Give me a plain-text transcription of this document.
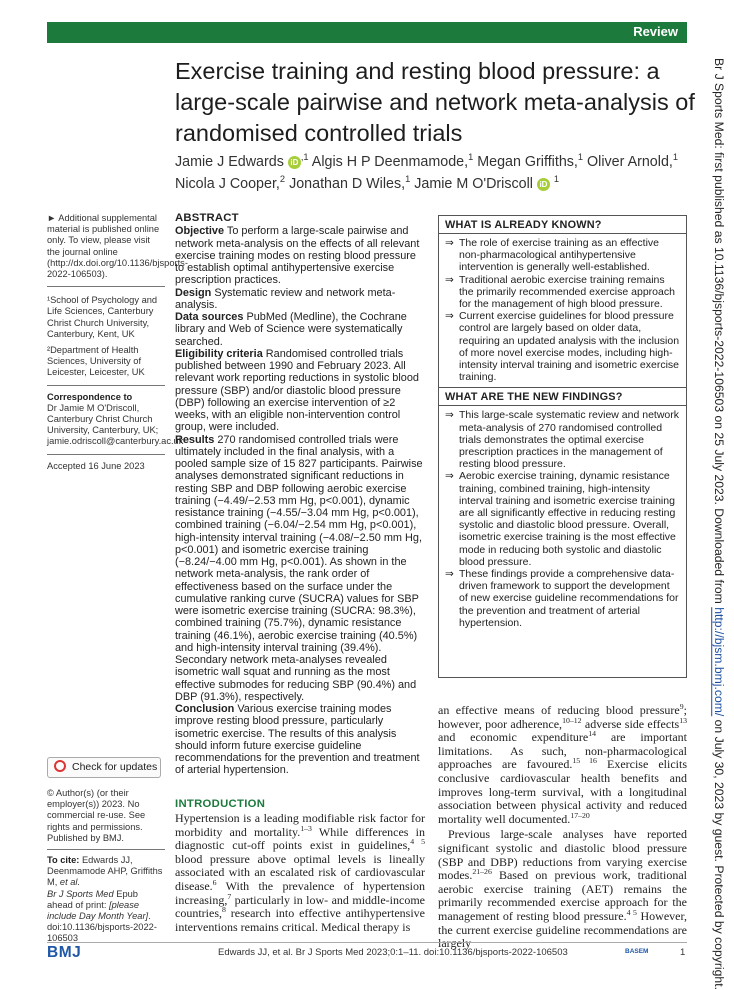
Review
Br J Sports Med: first published as 10.1136/bjsports-2022-106503 on 25 July 2023. Downloaded from http://bjsm.bmj.com/ on July 30, 2023 by guest. Protected by copyright.
Exercise training and resting blood pressure: a large-scale pairwise and network meta-analysis of randomised controlled trials
Jamie J Edwards $iD^{,1}$ Algis H P Deenmamode,$^1$ Megan Griffiths,$^1$ Oliver Arnold,$^1$
Nicola J Cooper,$^2$ Jonathan D Wiles,$^1$ Jamie M O'Driscoll iD $^1$

► Additional supplemental material is published online only. To view, please visit the journal online (http://dx.doi.org/10.1136/bjsports-2022-106503).

¹School of Psychology and Life Sciences, Canterbury Christ Church University, Canterbury, Kent, UK

²Department of Health Sciences, University of Leicester, Leicester, UK

Correspondence to

Dr Jamie M O'Driscoll, Canterbury Christ Church University, Canterbury, UK; jamie.odriscoll@canterbury.ac.uk

Accepted 16 June 2023

Check for updates

© Author(s) (or their employer(s)) 2023. No commercial re-use. See rights and permissions. Published by BMJ.

To cite: Edwards JJ, Deenmamode AHP, Griffiths M, et al.
Br J Sports Med Epub ahead of print: [please include Day Month Year]. doi:10.1136/bjsports-2022-106503

ABSTRACT

Objective To perform a large-scale pairwise and network meta-analysis on the effects of all relevant exercise training modes on resting blood pressure to establish optimal antihypertensive exercise prescription practices.

Design Systematic review and network meta-analysis.

Data sources PubMed (Medline), the Cochrane library and Web of Science were systematically searched.

Eligibility criteria Randomised controlled trials published between 1990 and February 2023. All relevant work reporting reductions in systolic blood pressure (SBP) and/or diastolic blood pressure (DBP) following an exercise intervention of ≥2 weeks, with an eligible non-intervention control group, were included.

Results 270 randomised controlled trials were ultimately included in the final analysis, with a pooled sample size of 15 827 participants. Pairwise analyses demonstrated significant reductions in resting SBP and DBP following aerobic exercise training (−4.49/−2.53 mm Hg, p<0.001), dynamic resistance training (−4.55/−3.04 mm Hg, p<0.001), combined training (−6.04/−2.54 mm Hg, p<0.001), high-intensity interval training (−4.08/−2.50 mm Hg, p<0.001) and isometric exercise training (−8.24/−4.00 mm Hg, p<0.001). As shown in the network meta-analysis, the rank order of effectiveness based on the surface under the cumulative ranking curve (SUCRA) values for SBP were isometric exercise training (SUCRA: 98.3%), combined training (75.7%), dynamic resistance training (46.1%), aerobic exercise training (40.5%) and high-intensity interval training (39.4%). Secondary network meta-analyses revealed isometric wall squat and running as the most effective submodes for reducing SBP (90.4%) and DBP (91.3%), respectively.

Conclusion Various exercise training modes improve resting blood pressure, particularly isometric exercise. The results of this analysis should inform future exercise guideline recommendations for the prevention and treatment of arterial hypertension.

WHAT IS ALREADY KNOWN?
⇒ The role of exercise training as an effective non-pharmacological antihypertensive intervention is generally well-established.
⇒ Traditional aerobic exercise training remains the primarily recommended exercise approach for the management of high blood pressure.
⇒ Current exercise guidelines for blood pressure control are largely based on older data, requiring an updated analysis with the inclusion of more novel exercise modes, including high-intensity interval training and isometric exercise training.
WHAT ARE THE NEW FINDINGS?
⇒ This large-scale systematic review and network meta-analysis of 270 randomised controlled trials demonstrates the optimal exercise prescription practices in the management of resting blood pressure.
⇒ Aerobic exercise training, dynamic resistance training, combined training, high-intensity interval training and isometric exercise training are all significantly effective in reducing resting systolic and diastolic blood pressure. Overall, isometric exercise training is the most effective mode in reducing both systolic and diastolic blood pressure.
⇒ These findings provide a comprehensive data-driven framework to support the development of new exercise guideline recommendations for the prevention and treatment of arterial hypertension.
INTRODUCTION
Hypertension is a leading modifiable risk factor for morbidity and mortality.$^{1-3}$ While differences in diagnostic cut-off points exist in guidelines,$^{4 5}$ blood pressure above optimal levels is lineally associated with an escalated risk of cardiovascular disease.$^6$ With the prevalence of hypertension increasing,$^7$ particularly in low- and middle-income countries,$^8$ research into effective antihypertensive interventions remains critical. Medical therapy is

an effective means of reducing blood pressure$^9$; however, poor adherence,$^{10-12}$ adverse side effects$^{13}$ and economic expenditure$^{14}$ are important limitations. As such, non-pharmacological approaches are favoured.$^{15 16}$ Exercise elicits conclusive cardiovascular health benefits and improves long-term survival, with a longitudinal association between physical activity and reduced mortality well documented.$^{17-20}$

Previous large-scale analyses have reported significant systolic and diastolic blood pressure (SBP and DBP) reductions from varying exercise modes.$^{21-26}$ Based on previous work, traditional aerobic exercise training (AET) remains the primarily recommended exercise approach for the management of resting blood pressure.$^{4 5}$ However, the current exercise guideline recommendations are largely

BMJ	Edwards JJ, et al. Br J Sports Med 2023;0:1–11. doi:10.1136/bjsports-2022-106503	BASEM	1
